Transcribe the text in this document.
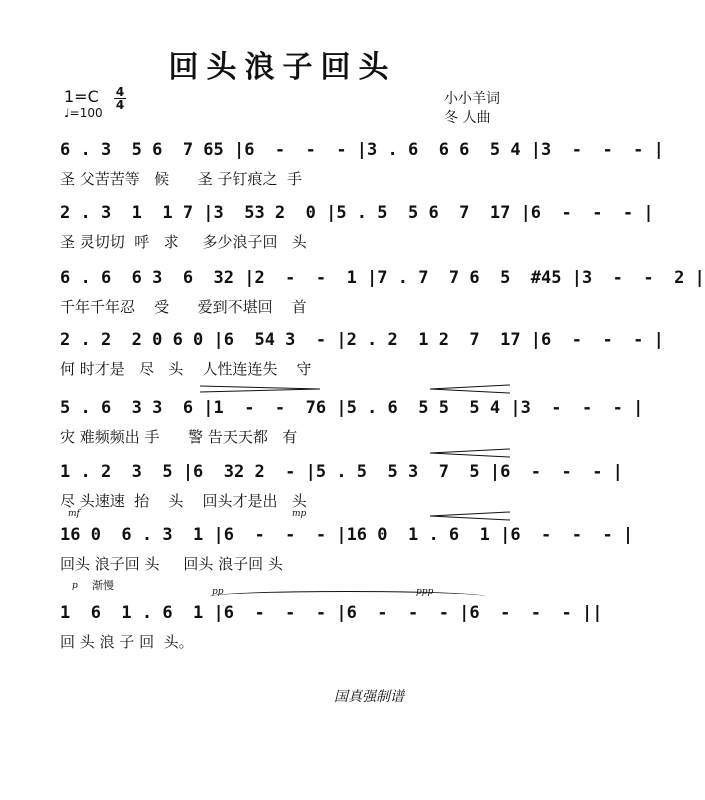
回头浪子回头
1=C 4
4
♩=100
小小羊词
冬 人曲
6 . 3  5 6  7 65 |6  -  -  - |3 . 6  6 6  5 4 |3  -  -  - |
圣 父苦苦等   候      圣 子钉痕之  手
2 . 3  1  1 7 |3  53 2  0 |5 . 5  5 6  7  17 |6  -  -  - |
圣 灵切切  呼   求     多少浪子回   头
6 . 6  6 3  6  32 |2  -  -  1 |7 . 7  7 6  5  #45 |3  -  -  2 |
千年千年忍    受      爱到不堪回    首
2 . 2  2 0 6 0 |6  54 3  - |2 . 2  1 2  7  17 |6  -  -  - |
何 时才是   尽   头    人性连连失    守
5 . 6  3 3  6 |1  -  -  76 |5 . 6  5 5  5 4 |3  -  -  - |
灾 难频频出 手      警 告天天都   有
1 . 2  3  5 |6  32 2  - |5 . 5  5 3  7  5 |6  -  -  - |
尽 头速速  抬    头    回头才是出   头
mf	mp
16 0  6 . 3  1 |6  -  -  - |16 0  1 . 6  1 |6  -  -  - |
回头 浪子回 头     回头 浪子回 头
p 渐慢	pp	ppp
1  6  1 . 6  1 |6  -  -  - |6  -  -  - |6  -  -  - ||
回 头 浪 子 回  头。
国真强制谱
